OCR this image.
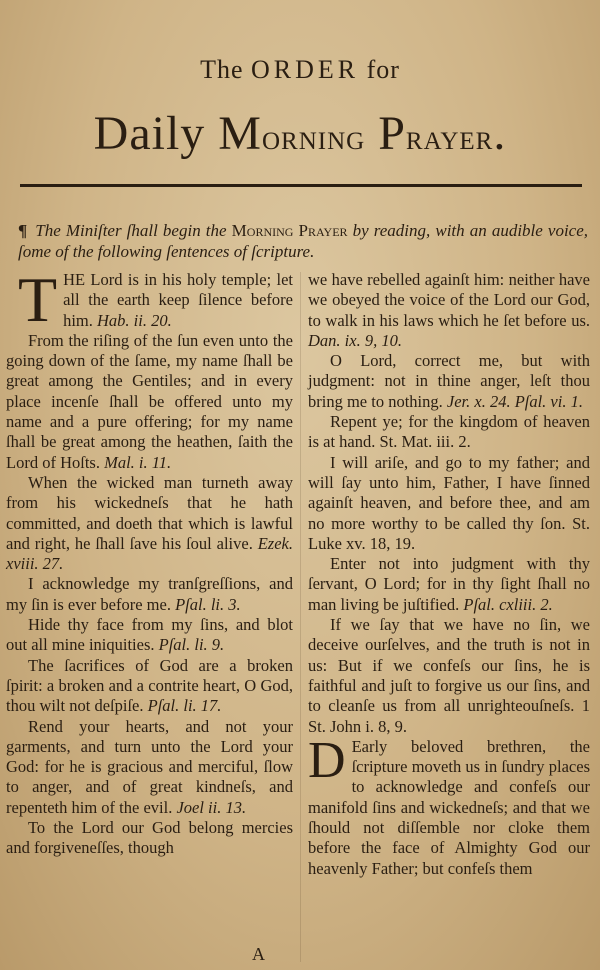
The ORDER for
Daily Morning Prayer.
¶ The Miniſter ſhall begin the Morning Prayer by reading, with an audible voice, ſome of the following ſentences of ſcripture.

THE Lord is in his holy temple; let all the earth keep ſilence before him. Hab. ii. 20.

From the riſing of the ſun even unto the going down of the ſame, my name ſhall be great among the Gentiles; and in every place incenſe ſhall be offered unto my name and a pure offering; for my name ſhall be great among the heathen, ſaith the Lord of Hoſts. Mal. i. 11.

When the wicked man turneth away from his wickedneſs that he hath committed, and doeth that which is lawful and right, he ſhall ſave his ſoul alive. Ezek. xviii. 27.

I acknowledge my tranſgreſſions, and my ſin is ever before me. Pſal. li. 3.

Hide thy face from my ſins, and blot out all mine iniquities. Pſal. li. 9.

The ſacrifices of God are a broken ſpirit: a broken and a contrite heart, O God, thou wilt not deſpiſe. Pſal. li. 17.

Rend your hearts, and not your garments, and turn unto the Lord your God: for he is gracious and merciful, ſlow to anger, and of great kindneſs, and repenteth him of the evil. Joel ii. 13.

To the Lord our God belong mercies and forgiveneſſes, though

we have rebelled againſt him: neither have we obeyed the voice of the Lord our God, to walk in his laws which he ſet before us. Dan. ix. 9, 10.

O Lord, correct me, but with judgment: not in thine anger, leſt thou bring me to nothing. Jer. x. 24. Pſal. vi. 1.

Repent ye; for the kingdom of heaven is at hand. St. Mat. iii. 2.

I will ariſe, and go to my father; and will ſay unto him, Father, I have ſinned againſt heaven, and before thee, and am no more worthy to be called thy ſon. St. Luke xv. 18, 19.

Enter not into judgment with thy ſervant, O Lord; for in thy ſight ſhall no man living be juſtified. Pſal. cxliii. 2.

If we ſay that we have no ſin, we deceive ourſelves, and the truth is not in us: But if we confeſs our ſins, he is faithful and juſt to forgive us our ſins, and to cleanſe us from all unrighteouſneſs. 1 St. John i. 8, 9.

D Early beloved brethren, the ſcripture moveth us in ſundry places to acknowledge and confeſs our manifold ſins and wickedneſs; and that we ſhould not diſſemble nor cloke them before the face of Almighty God our heavenly Father; but confeſs them

A
